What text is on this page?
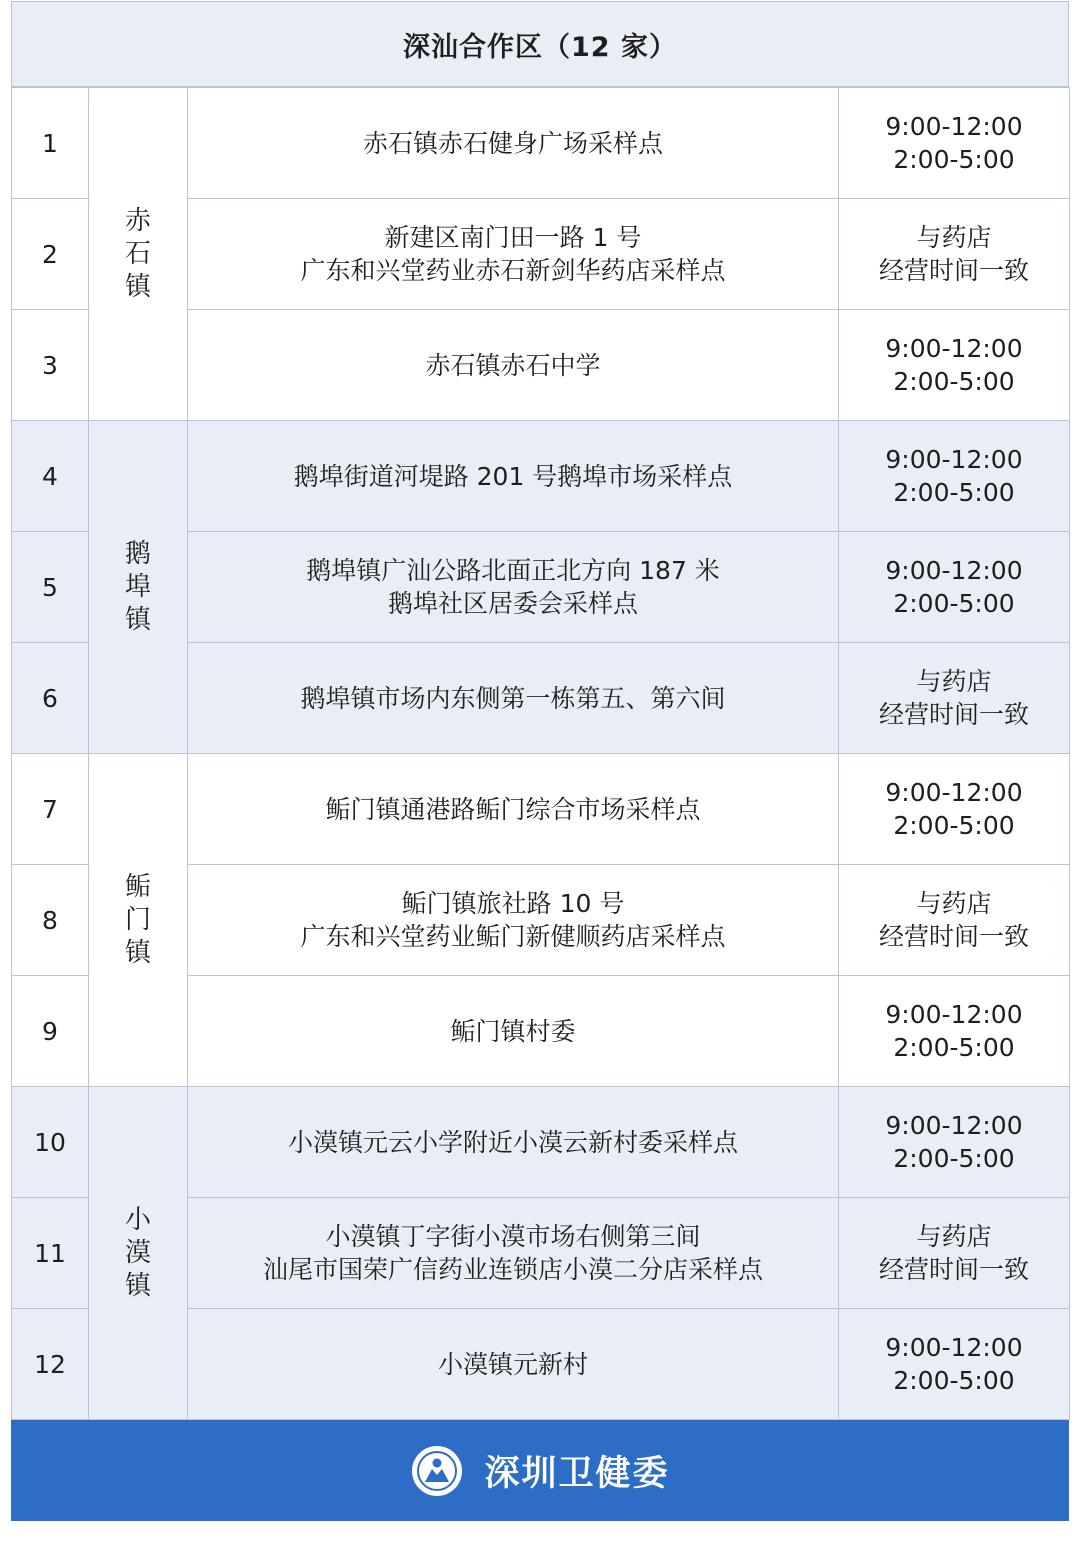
深汕合作区（12 家）
1	赤石镇	赤石镇赤石健身广场采样点	9:00-12:00
2:00-5:00

2		新建区南门田一路 1 号
广东和兴堂药业赤石新剑华药店采样点	与药店
经营时间一致

3		赤石镇赤石中学	9:00-12:00
2:00-5:00

4	鹅埠镇	鹅埠街道河堤路 201 号鹅埠市场采样点	9:00-12:00
2:00-5:00

5		鹅埠镇广汕公路北面正北方向 187 米
鹅埠社区居委会采样点	9:00-12:00
2:00-5:00

6		鹅埠镇市场内东侧第一栋第五、第六间	与药店
经营时间一致

7	鲘门镇	鲘门镇通港路鲘门综合市场采样点	9:00-12:00
2:00-5:00

8		鲘门镇旅社路 10 号
广东和兴堂药业鲘门新健顺药店采样点	与药店
经营时间一致

9		鲘门镇村委	9:00-12:00
2:00-5:00

10	小漠镇	小漠镇元云小学附近小漠云新村委采样点	9:00-12:00
2:00-5:00

11		小漠镇丁字街小漠市场右侧第三间
汕尾市国荣广信药业连锁店小漠二分店采样点	与药店
经营时间一致

12		小漠镇元新村	9:00-12:00
2:00-5:00
深圳卫健委
